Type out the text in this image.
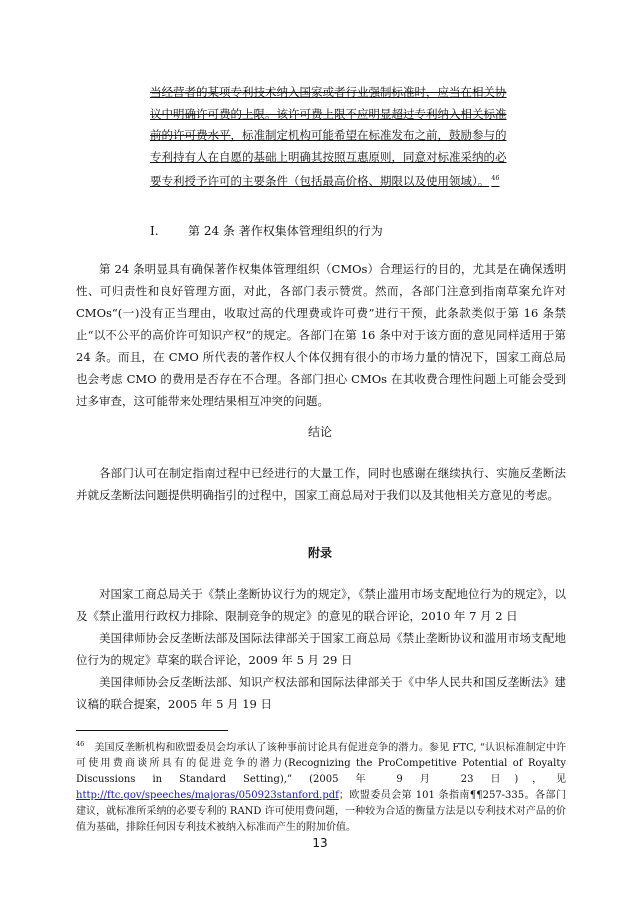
当经营者的某项专利技术纳入国家或者行业强制标准时，应当在相关协议中明确许可费的上限。该许可费上限不应明显超过专利纳入相关标准前的许可费水平，标准制定机构可能希望在标准发布之前，鼓励参与的专利持有人在自愿的基础上明确其按照互惠原则，同意对标准采纳的必要专利授予许可的主要条件（包括最高价格、期限以及使用领域）。 $^{46}$
I. 第 24 条 著作权集体管理组织的行为
第 24 条明显具有确保著作权集体管理组织（CMOs）合理运行的目的，尤其是在确保透明性、可归责性和良好管理方面，对此，各部门表示赞赏。然而，各部门注意到指南草案允许对 CMOs“(一)没有正当理由，收取过高的代理费或许可费”进行干预，此条款类似于第 16 条禁止“以不公平的高价许可知识产权”的规定。各部门在第 16 条中对于该方面的意见同样适用于第 24 条。而且，在 CMO 所代表的著作权人个体仅拥有很小的市场力量的情况下，国家工商总局也会考虑 CMO 的费用是否存在不合理。各部门担心 CMOs 在其收费合理性问题上可能会受到过多审查，这可能带来处理结果相互冲突的问题。
结论
各部门认可在制定指南过程中已经进行的大量工作，同时也感谢在继续执行、实施反垄断法并就反垄断法问题提供明确指引的过程中，国家工商总局对于我们以及其他相关方意见的考虑。
附录
对国家工商总局关于《禁止垄断协议行为的规定》，《禁止滥用市场支配地位行为的规定》，以及《禁止滥用行政权力排除、限制竞争的规定》的意见的联合评论，2010 年 7 月 2 日
美国律师协会反垄断法部及国际法律部关于国家工商总局《禁止垄断协议和滥用市场支配地位行为的规定》草案的联合评论，2009 年 5 月 29 日
美国律师协会反垄断法部、知识产权法部和国际法律部关于《中华人民共和国反垄断法》建议稿的联合提案，2005 年 5 月 19 日
$^{46}$ 美国反垄断机构和欧盟委员会均承认了该种事前讨论具有促进竞争的潜力。参见 FTC, “认识标准制定中许可使用费商谈所具有的促进竞争的潜力(Recognizing the ProCompetitive Potential of Royalty Discussions in Standard Setting),” (2005 年 9 月 23 日)，见 http://ftc.gov/speeches/majoras/050923stanford.pdf；欧盟委员会第 101 条指南¶¶257-335。各部门建议，就标准所采纳的必要专利的 RAND 许可使用费问题，一种较为合适的衡量方法是以专利技术对产品的价值为基础，排除任何因专利技术被纳入标准而产生的附加价值。
13
